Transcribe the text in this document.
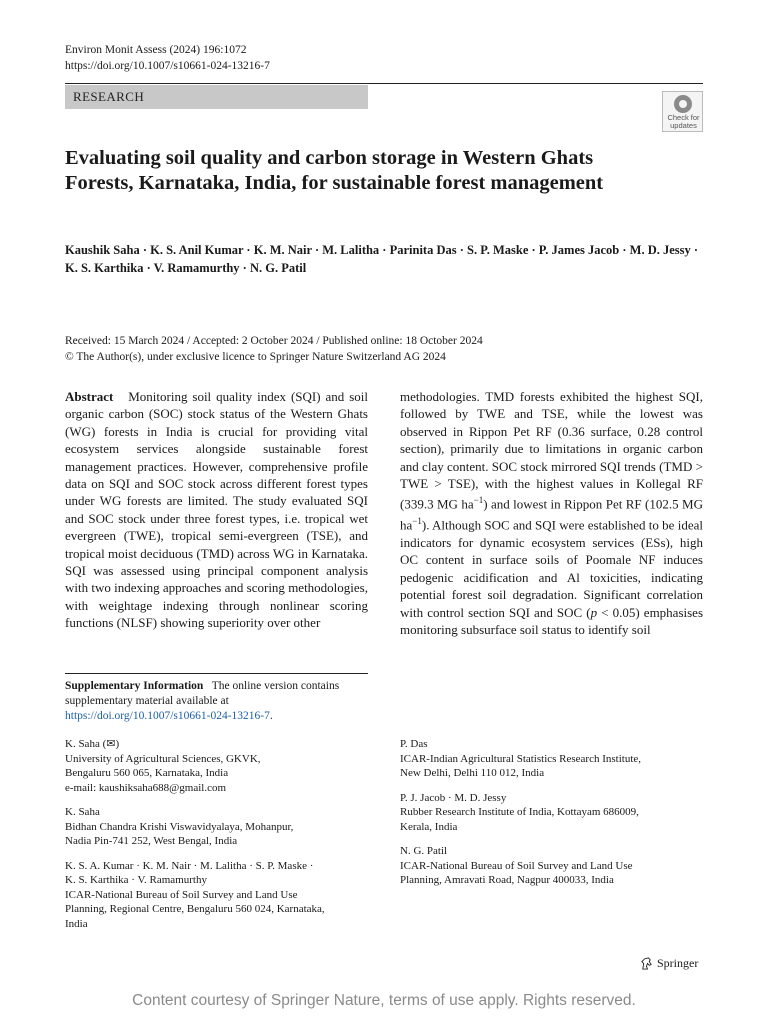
Environ Monit Assess (2024) 196:1072
https://doi.org/10.1007/s10661-024-13216-7
RESEARCH
Check for
updates
Evaluating soil quality and carbon storage in Western Ghats Forests, Karnataka, India, for sustainable forest management
Kaushik Saha · K. S. Anil Kumar · K. M. Nair · M. Lalitha · Parinita Das · S. P. Maske · P. James Jacob · M. D. Jessy · K. S. Karthika · V. Ramamurthy · N. G. Patil
Received: 15 March 2024 / Accepted: 2 October 2024 / Published online: 18 October 2024
© The Author(s), under exclusive licence to Springer Nature Switzerland AG 2024
Abstract Monitoring soil quality index (SQI) and soil organic carbon (SOC) stock status of the Western Ghats (WG) forests in India is crucial for providing vital ecosystem services alongside sustainable forest management practices. However, comprehensive profile data on SQI and SOC stock across different forest types under WG forests are limited. The study evaluated SQI and SOC stock under three forest types, i.e. tropical wet evergreen (TWE), tropical semi-evergreen (TSE), and tropical moist deciduous (TMD) across WG in Karnataka. SQI was assessed using principal component analysis with two indexing approaches and scoring methodologies, with weightage indexing through nonlinear scoring functions (NLSF) showing superiority over other
methodologies. TMD forests exhibited the highest SQI, followed by TWE and TSE, while the lowest was observed in Rippon Pet RF (0.36 surface, 0.28 control section), primarily due to limitations in organic carbon and clay content. SOC stock mirrored SQI trends (TMD > TWE > TSE), with the highest values in Kollegal RF (339.3 MG $ha^{-1}$) and lowest in Rippon Pet RF (102.5 MG $ha^{-1}$). Although SOC and SQI were established to be ideal indicators for dynamic ecosystem services (ESs), high OC content in surface soils of Poomale NF induces pedogenic acidification and Al toxicities, indicating potential forest soil degradation. Significant correlation with control section SQI and SOC (p < 0.05) emphasises monitoring subsurface soil status to identify soil
Supplementary Information The online version contains supplementary material available at https://doi.org/10.1007/s10661-024-13216-7.
K. Saha (✉)
University of Agricultural Sciences, GKVK,
Bengaluru 560 065, Karnataka, India
e-mail: kaushiksaha688@gmail.com
K. Saha
Bidhan Chandra Krishi Viswavidyalaya, Mohanpur,
Nadia Pin-741 252, West Bengal, India
K. S. A. Kumar · K. M. Nair · M. Lalitha · S. P. Maske ·
K. S. Karthika · V. Ramamurthy
ICAR-National Bureau of Soil Survey and Land Use
Planning, Regional Centre, Bengaluru 560 024, Karnataka,
India
P. Das
ICAR-Indian Agricultural Statistics Research Institute,
New Delhi, Delhi 110 012, India
P. J. Jacob · M. D. Jessy
Rubber Research Institute of India, Kottayam 686009,
Kerala, India
N. G. Patil
ICAR-National Bureau of Soil Survey and Land Use
Planning, Amravati Road, Nagpur 400033, India
Springer
Content courtesy of Springer Nature, terms of use apply. Rights reserved.
